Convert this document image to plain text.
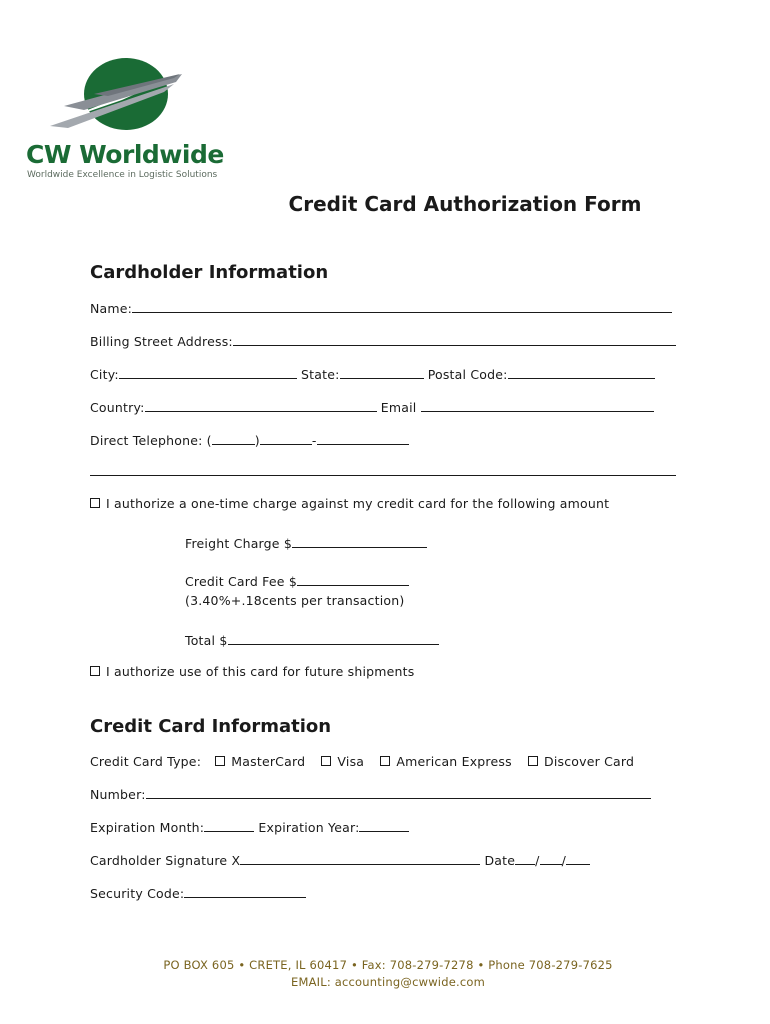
CW Worldwide
Worldwide Excellence in Logistic Solutions
Credit Card Authorization Form
Cardholder Information
Name:
Billing Street Address:
City:	State:	Postal Code:
Country:	Email
Direct Telephone: (	)	-
I authorize a one-time charge against my credit card for the following amount
Freight Charge $
Credit Card Fee $
(3.40%+.18cents per transaction)
Total $
I authorize use of this card for future shipments
Credit Card Information
Credit Card Type: MasterCard	Visa	American Express	Discover Card
Number:
Expiration Month:	Expiration Year:
Cardholder Signature X	Date / /
Security Code:
PO BOX 605 • CRETE, IL 60417 • Fax: 708-279-7278 • Phone 708-279-7625
EMAIL: accounting@cwwide.com
